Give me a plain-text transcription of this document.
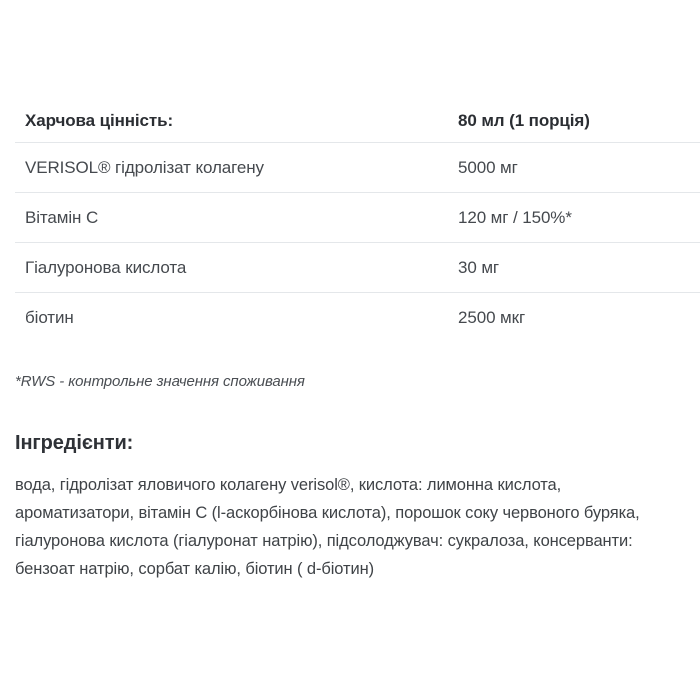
Харчова цінність:	80 мл (1 порція)
VERISOL® гідролізат колагену	5000 мг
Вітамін C	120 мг / 150%*
Гіалуронова кислота	30 мг
біотин	2500 мкг

*RWS - контрольне значення споживання

Інгредієнти:

вода, гідролізат яловичого колагену verisol®, кислота: лимонна кислота, ароматизатори, вітамін C (l-аскорбінова кислота), порошок соку червоного буряка, гіалуронова кислота (гіалуронат натрію), підсолоджувач: сукралоза, консерванти: бензоат натрію, сорбат калію, біотин ( d-біотин)
